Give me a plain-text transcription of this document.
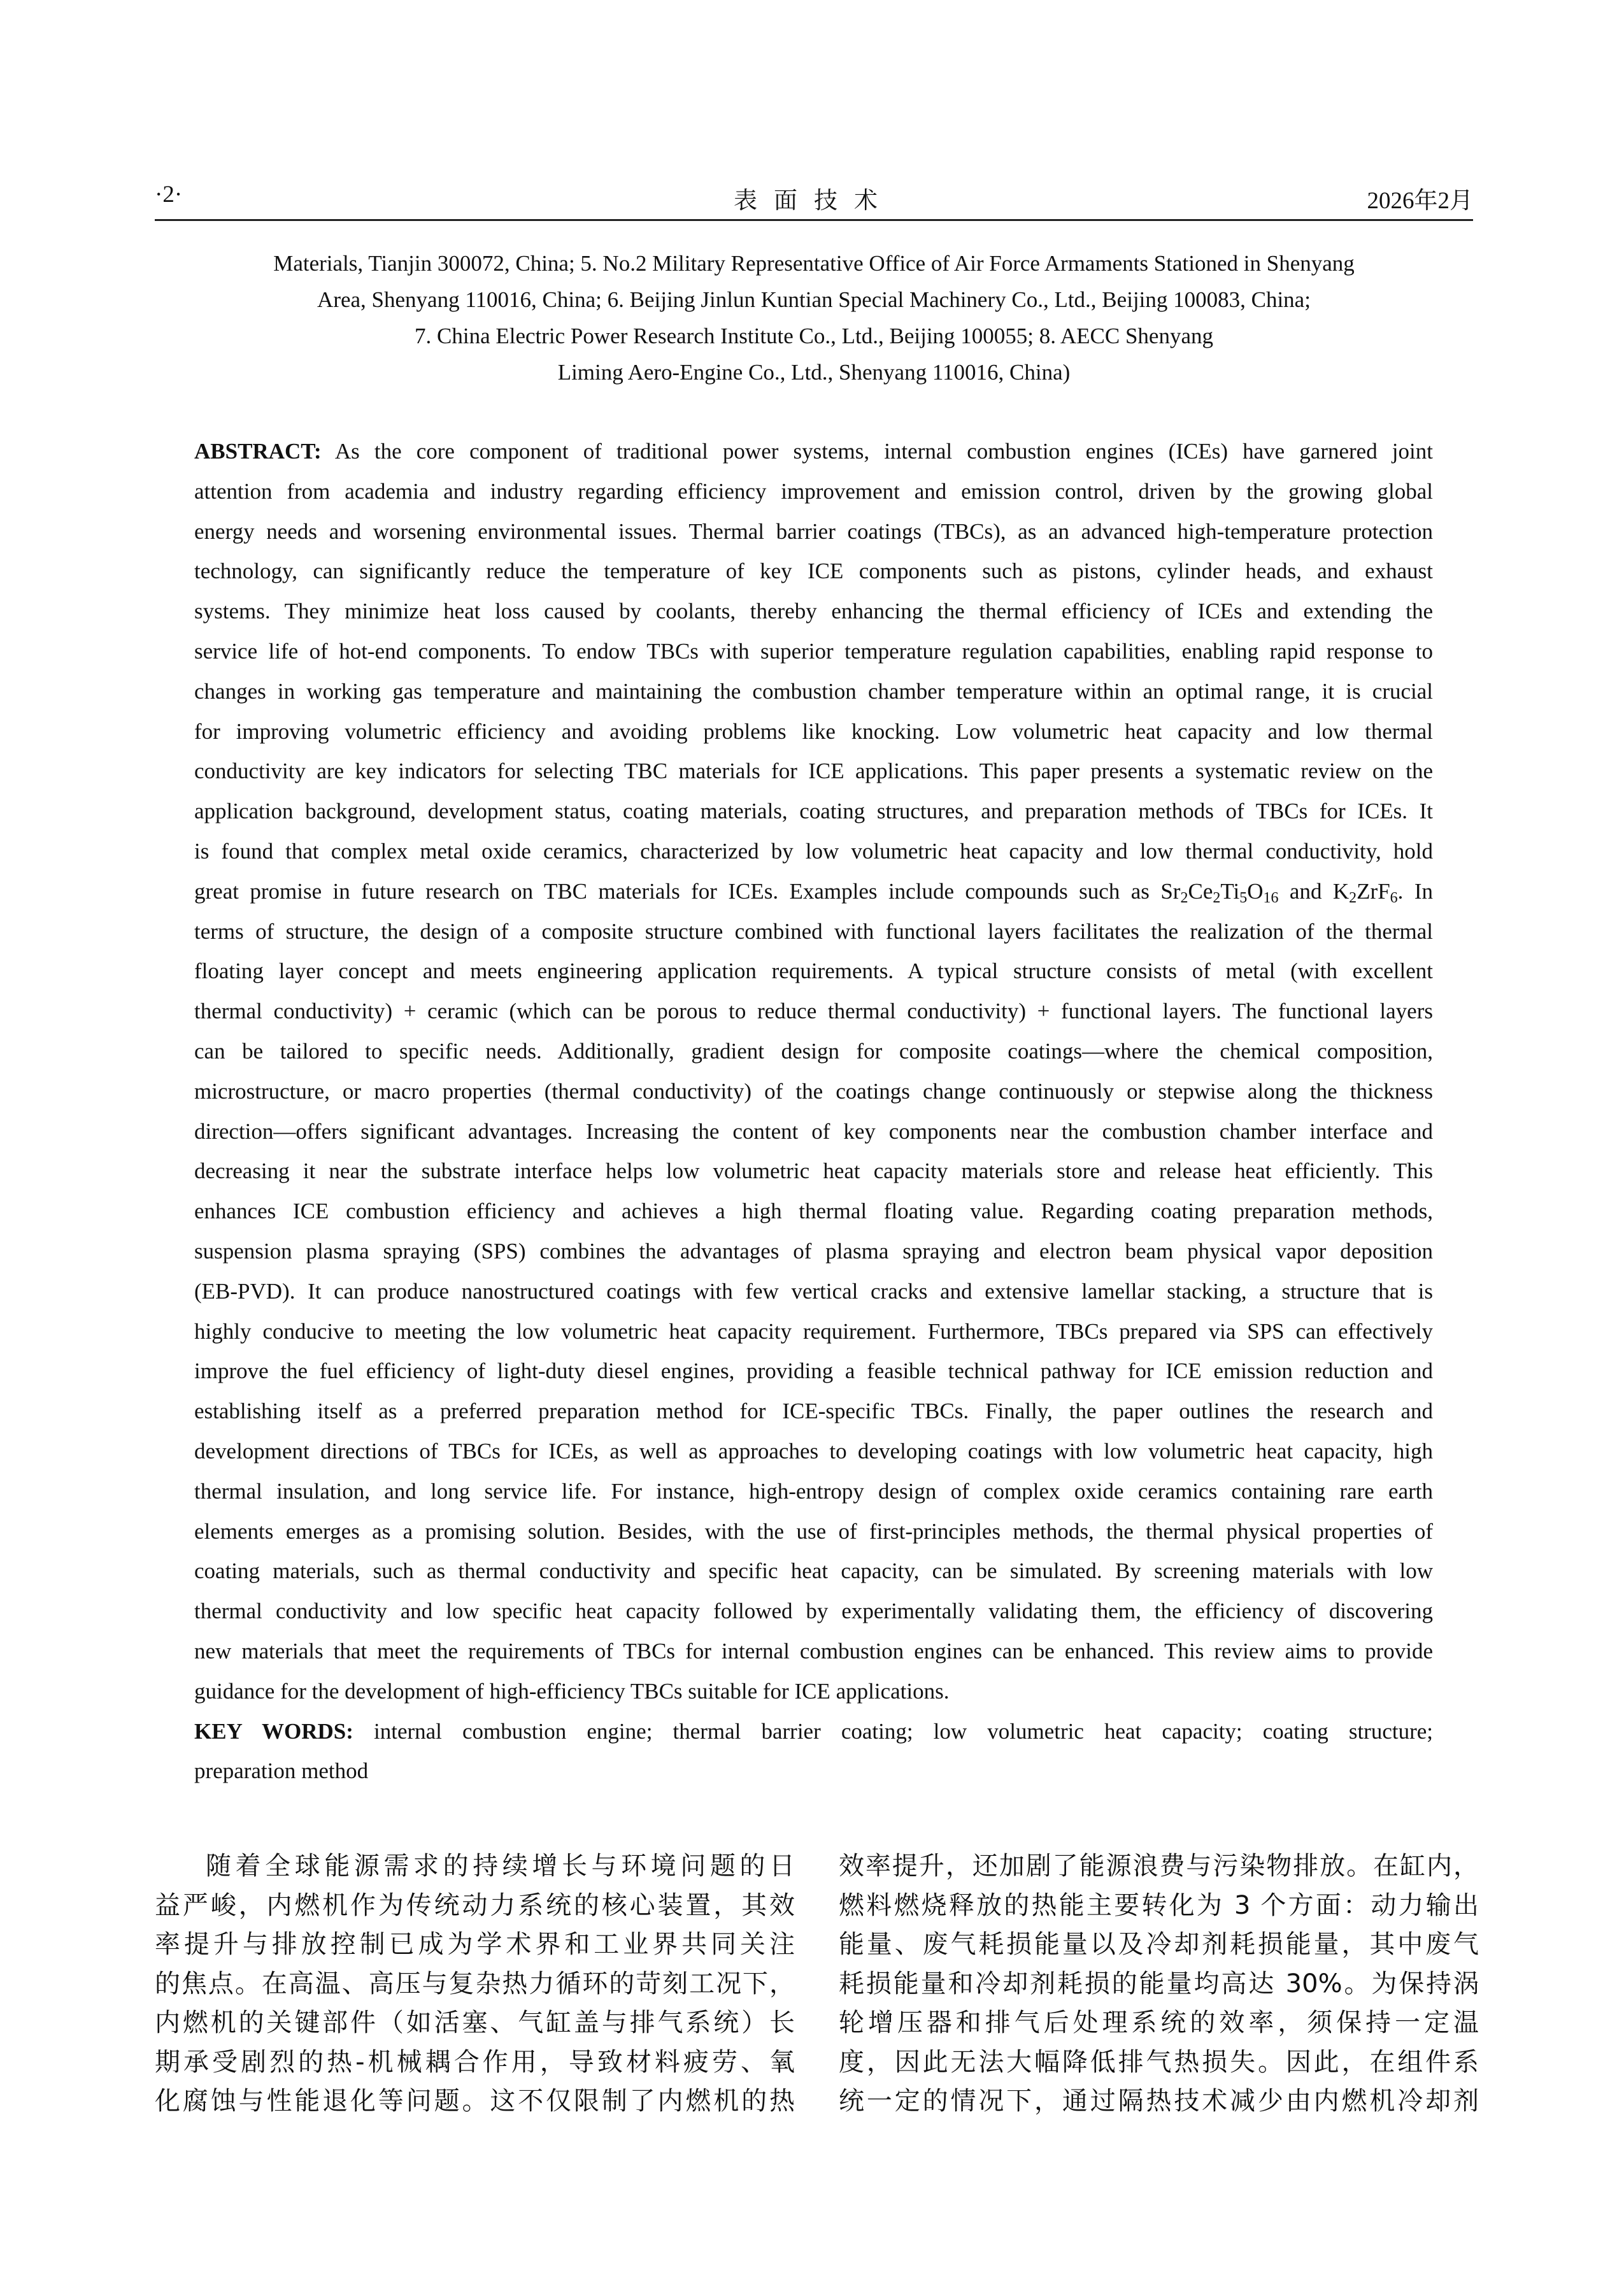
表面技术
·2·	2026年2月
Materials, Tianjin 300072, China; 5. No.2 Military Representative Office of Air Force Armaments Stationed in Shenyang
Area, Shenyang 110016, China; 6. Beijing Jinlun Kuntian Special Machinery Co., Ltd., Beijing 100083, China;
7. China Electric Power Research Institute Co., Ltd., Beijing 100055; 8. AECC Shenyang
Liming Aero-Engine Co., Ltd., Shenyang 110016, China)
ABSTRACT: As the core component of traditional power systems, internal combustion engines (ICEs) have garnered joint
attention from academia and industry regarding efficiency improvement and emission control, driven by the growing global
energy needs and worsening environmental issues. Thermal barrier coatings (TBCs), as an advanced high-temperature protection
technology, can significantly reduce the temperature of key ICE components such as pistons, cylinder heads, and exhaust
systems. They minimize heat loss caused by coolants, thereby enhancing the thermal efficiency of ICEs and extending the
service life of hot-end components. To endow TBCs with superior temperature regulation capabilities, enabling rapid response to
changes in working gas temperature and maintaining the combustion chamber temperature within an optimal range, it is crucial
for improving volumetric efficiency and avoiding problems like knocking. Low volumetric heat capacity and low thermal
conductivity are key indicators for selecting TBC materials for ICE applications. This paper presents a systematic review on the
application background, development status, coating materials, coating structures, and preparation methods of TBCs for ICEs. It
is found that complex metal oxide ceramics, characterized by low volumetric heat capacity and low thermal conductivity, hold
great promise in future research on TBC materials for ICEs. Examples include compounds such as $Sr_2Ce_2Ti_5O_{16}$ and $K_2ZrF_6$. In
terms of structure, the design of a composite structure combined with functional layers facilitates the realization of the thermal
floating layer concept and meets engineering application requirements. A typical structure consists of metal (with excellent
thermal conductivity) + ceramic (which can be porous to reduce thermal conductivity) + functional layers. The functional layers
can be tailored to specific needs. Additionally, gradient design for composite coatings—where the chemical composition,
microstructure, or macro properties (thermal conductivity) of the coatings change continuously or stepwise along the thickness
direction—offers significant advantages. Increasing the content of key components near the combustion chamber interface and
decreasing it near the substrate interface helps low volumetric heat capacity materials store and release heat efficiently. This
enhances ICE combustion efficiency and achieves a high thermal floating value. Regarding coating preparation methods,
suspension plasma spraying (SPS) combines the advantages of plasma spraying and electron beam physical vapor deposition
(EB-PVD). It can produce nanostructured coatings with few vertical cracks and extensive lamellar stacking, a structure that is
highly conducive to meeting the low volumetric heat capacity requirement. Furthermore, TBCs prepared via SPS can effectively
improve the fuel efficiency of light-duty diesel engines, providing a feasible technical pathway for ICE emission reduction and
establishing itself as a preferred preparation method for ICE-specific TBCs. Finally, the paper outlines the research and
development directions of TBCs for ICEs, as well as approaches to developing coatings with low volumetric heat capacity, high
thermal insulation, and long service life. For instance, high-entropy design of complex oxide ceramics containing rare earth
elements emerges as a promising solution. Besides, with the use of first-principles methods, the thermal physical properties of
coating materials, such as thermal conductivity and specific heat capacity, can be simulated. By screening materials with low
thermal conductivity and low specific heat capacity followed by experimentally validating them, the efficiency of discovering
new materials that meet the requirements of TBCs for internal combustion engines can be enhanced. This review aims to provide
guidance for the development of high-efficiency TBCs suitable for ICE applications.
KEY WORDS: internal combustion engine; thermal barrier coating; low volumetric heat capacity; coating structure;
preparation method
随着全球能源需求的持续增长与环境问题的日
益严峻，内燃机作为传统动力系统的核心装置，其效
率提升与排放控制已成为学术界和工业界共同关注
的焦点。在高温、高压与复杂热力循环的苛刻工况下，
内燃机的关键部件（如活塞、气缸盖与排气系统）长
期承受剧烈的热-机械耦合作用，导致材料疲劳、氧
化腐蚀与性能退化等问题。这不仅限制了内燃机的热
效率提升，还加剧了能源浪费与污染物排放。在缸内，
燃料燃烧释放的热能主要转化为 3 个方面：动力输出
能量、废气耗损能量以及冷却剂耗损能量，其中废气
耗损能量和冷却剂耗损的能量均高达 30%。为保持涡
轮增压器和排气后处理系统的效率，须保持一定温
度，因此无法大幅降低排气热损失。因此，在组件系
统一定的情况下，通过隔热技术减少由内燃机冷却剂
